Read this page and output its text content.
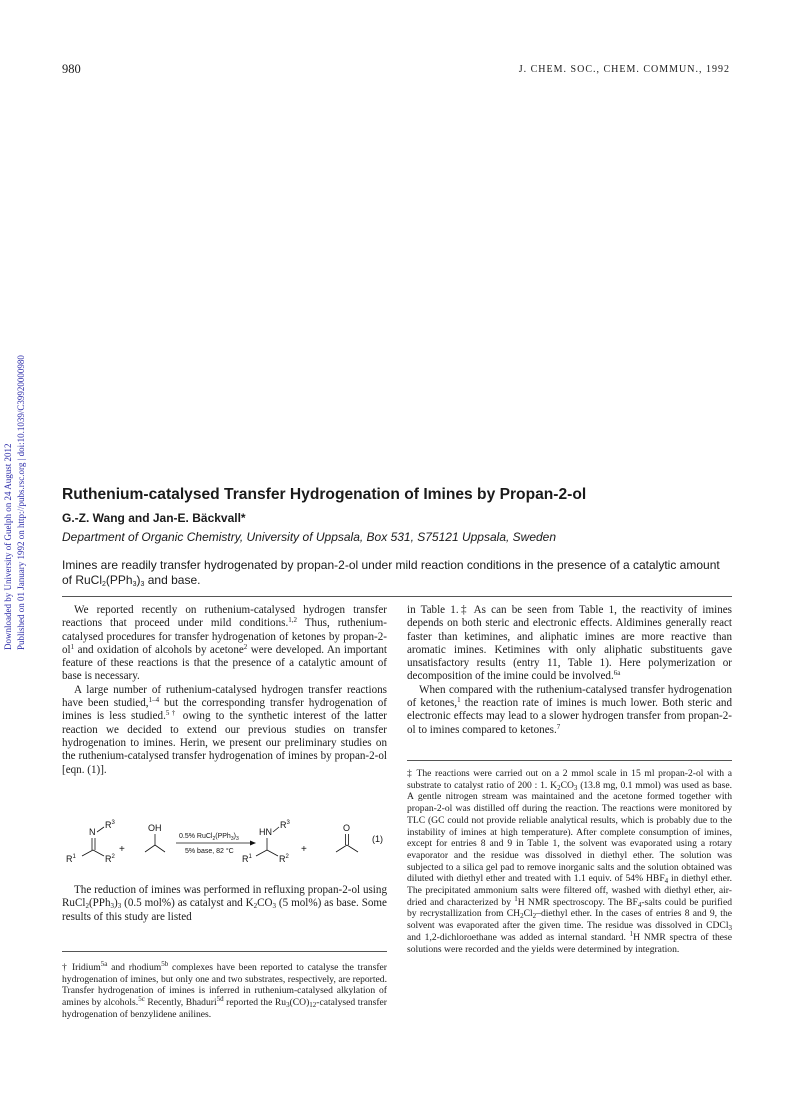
980	J. CHEM. SOC., CHEM. COMMUN., 1992
Downloaded by University of Guelph on 24 August 2012 Published on 01 January 1992 on http://pubs.rsc.org | doi:10.1039/C39920000980 Ruthenium-catalysed Transfer Hydrogenation of Imines by Propan-2-ol
G.-Z. Wang and Jan-E. Bäckvall*
Department of Organic Chemistry, University of Uppsala, Box 531, S75121 Uppsala, Sweden
Imines are readily transfer hydrogenated by propan-2-ol under mild reaction conditions in the presence of a catalytic amount of $RuCl_2(PPh_3)_3$ and base.

We reported recently on ruthenium-catalysed hydrogen transfer reactions that proceed under mild conditions.$^{1,2}$ Thus, ruthenium-catalysed procedures for transfer hydrogenation of ketones by propan-$2-ol^1$ and oxidation of alcohols by acetone$^2$ were developed. An important feature of these reactions is that the presence of a catalytic amount of base is necessary.

A large number of ruthenium-catalysed hydrogen transfer reactions have been studied,$^{1-4}$ but the corresponding transfer hydrogenation of imines is less studied.$^{5\dagger}$ owing to the synthetic interest of the latter reaction we decided to extend our previous studies on transfer hydrogenation to imines. Herin, we present our preliminary studies on the ruthenium-catalysed transfer hydrogenation of imines by propan-2-ol [eqn. (1)].

N
$R^3$
$R^1$	$R^2$
+
OH
0.5% $RuCl_2(PPh_3)_3$
5% base, 82 °C
HN
$R^3$
$R^1$	$R^2$
+
O
(1)

The reduction of imines was performed in refluxing propan-2-ol using $RuCl_2(PPh_3)_3$ (0.5 mol%) as catalyst and $K_2CO_3$ (5 mol%) as base. Some results of this study are listed

† Iridium$^{5a}$ and rhodium$^{5b}$ complexes have been reported to catalyse the transfer hydrogenation of imines, but only one and two substrates, respectively, are reported. Transfer hydrogenation of imines is inferred in ruthenium-catalysed alkylation of amines by alcohols.$^{5c}$ Recently, Bhaduri$^{5d}$ reported the $Ru_3(CO)_{12}$-catalysed transfer hydrogenation of benzylidene anilines.

in Table 1.‡ As can be seen from Table 1, the reactivity of imines depends on both steric and electronic effects. Aldimines generally react faster than ketimines, and aliphatic imines are more reactive than aromatic imines. Ketimines with only aliphatic substituents gave unsatisfactory results (entry 11, Table 1). Here polymerization or decomposition of the imine could be involved.$^{6a}$

When compared with the ruthenium-catalysed transfer hydrogenation of ketones,$^1$ the reaction rate of imines is much lower. Both steric and electronic effects may lead to a slower hydrogen transfer from propan-2-ol to imines compared to ketones.$^7$

‡ The reactions were carried out on a 2 mmol scale in 15 ml propan-2-ol with a substrate to catalyst ratio of 200 : 1. $K_2CO_3$ (13.8 mg, 0.1 mmol) was used as base. A gentle nitrogen stream was maintained and the acetone formed together with propan-2-ol was distilled off during the reaction. The reactions were monitored by TLC (GC could not provide reliable analytical results, which is probably due to the instability of imines at high temperature). After complete consumption of imines, except for entries 8 and 9 in Table 1, the solvent was evaporated using a rotary evaporator and the residue was dissolved in diethyl ether. The solution was subjected to a silica gel pad to remove inorganic salts and the solution obtained was diluted with diethyl ether and treated with 1.1 equiv. of 54% $HBF_4$ in diethyl ether. The precipitated ammonium salts were filtered off, washed with diethyl ether, air-dried and characterized by $^1$H NMR spectroscopy. The $BF_4$-salts could be purified by recrystallization from $CH_2Cl_2$–diethyl ether. In the cases of entries 8 and 9, the solvent was evaporated after the given time. The residue was dissolved in CDCl$_3$ and 1,2-dichloroethane was added as internal standard. $^1$H NMR spectra of these solutions were recorded and the yields were determined by integration.
